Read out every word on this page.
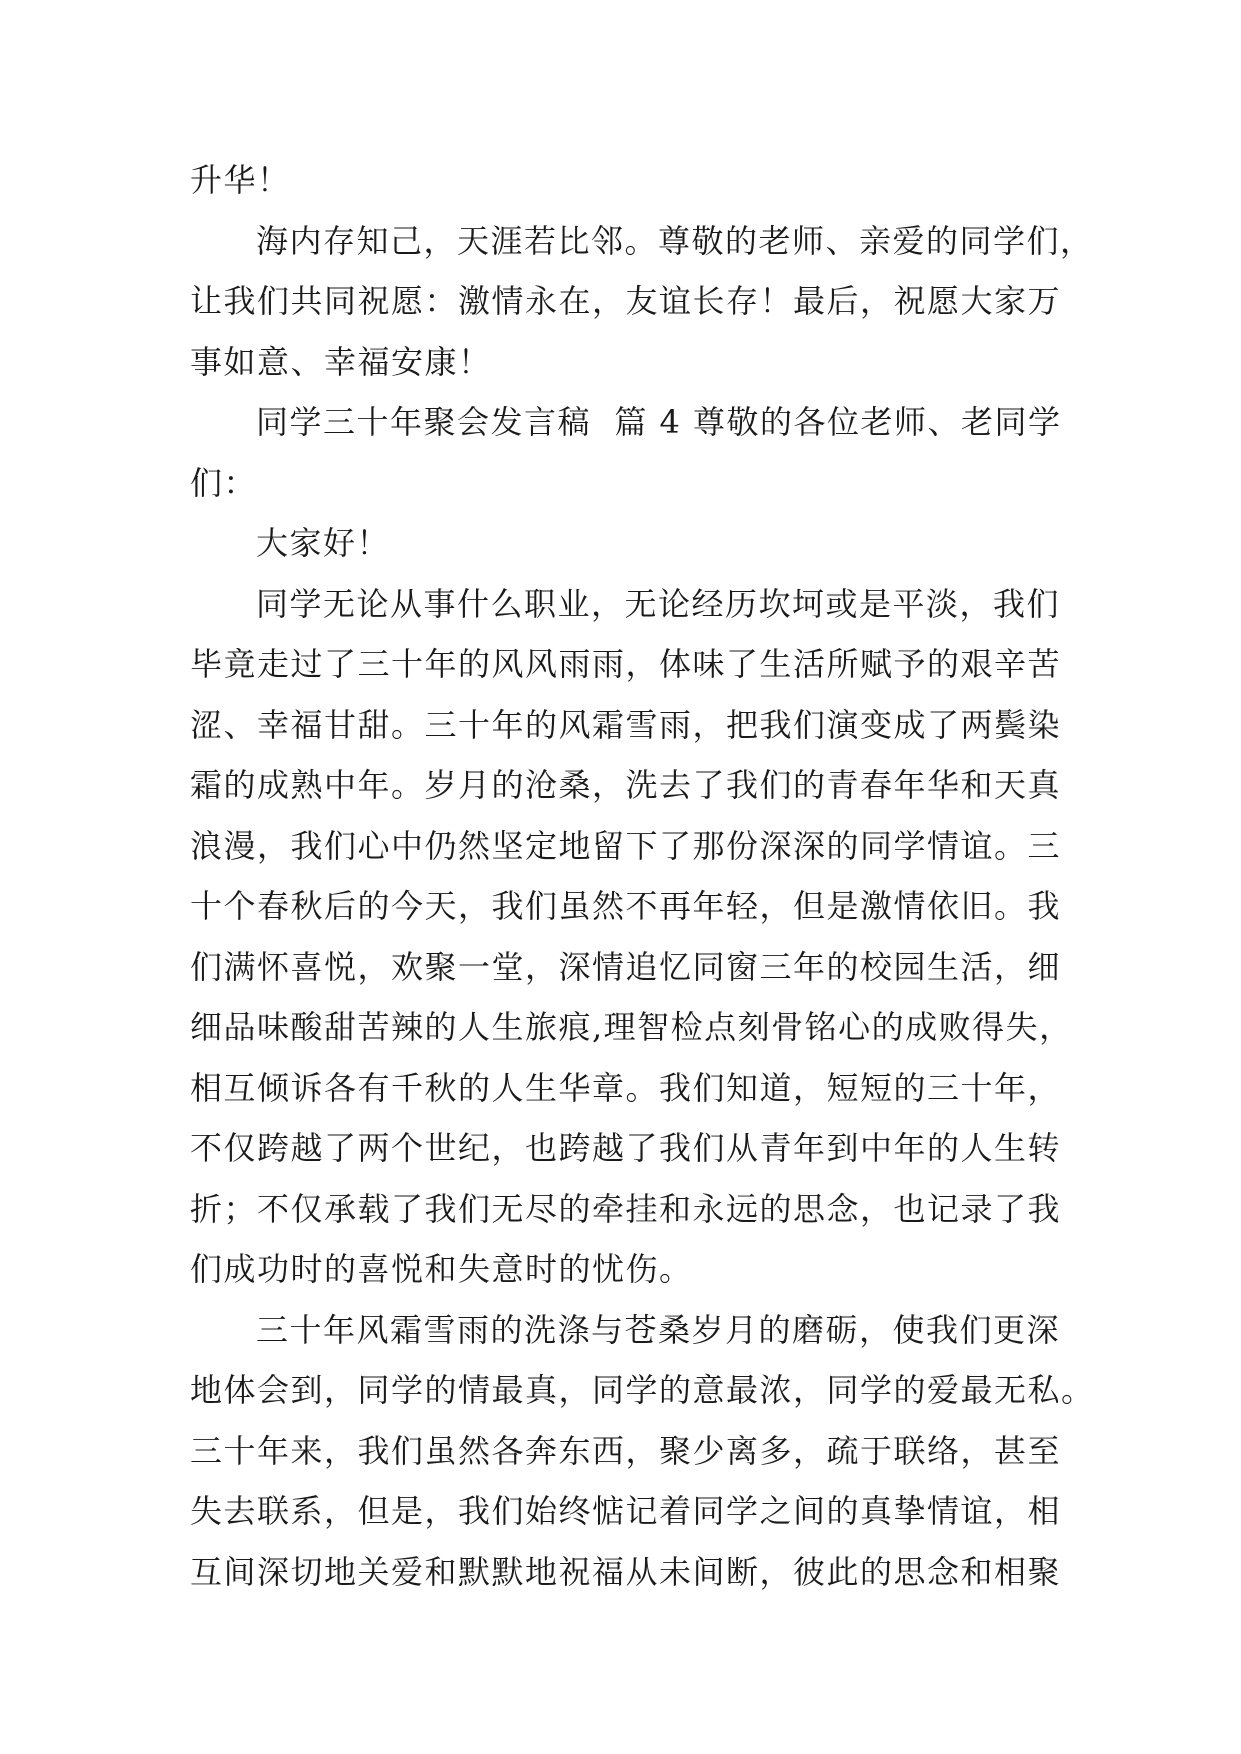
升华！
海内存知己，天涯若比邻。尊敬的老师、亲爱的同学们，
让我们共同祝愿：激情永在，友谊长存！最后，祝愿大家万
事如意、幸福安康！
同学三十年聚会发言稿  篇 4 尊敬的各位老师、老同学
们：
大家好！
同学无论从事什么职业，无论经历坎坷或是平淡，我们
毕竟走过了三十年的风风雨雨，体味了生活所赋予的艰辛苦
涩、幸福甘甜。三十年的风霜雪雨，把我们演变成了两鬓染
霜的成熟中年。岁月的沧桑，洗去了我们的青春年华和天真
浪漫，我们心中仍然坚定地留下了那份深深的同学情谊。三
十个春秋后的今天，我们虽然不再年轻，但是激情依旧。我
们满怀喜悦，欢聚一堂，深情追忆同窗三年的校园生活，细
细品味酸甜苦辣的人生旅痕,理智检点刻骨铭心的成败得失，
相互倾诉各有千秋的人生华章。我们知道，短短的三十年，
不仅跨越了两个世纪，也跨越了我们从青年到中年的人生转
折；不仅承载了我们无尽的牵挂和永远的思念，也记录了我
们成功时的喜悦和失意时的忧伤。
三十年风霜雪雨的洗涤与苍桑岁月的磨砺，使我们更深
地体会到，同学的情最真，同学的意最浓，同学的爱最无私。
三十年来，我们虽然各奔东西，聚少离多，疏于联络，甚至
失去联系，但是，我们始终惦记着同学之间的真挚情谊，相
互间深切地关爱和默默地祝福从未间断，彼此的思念和相聚
